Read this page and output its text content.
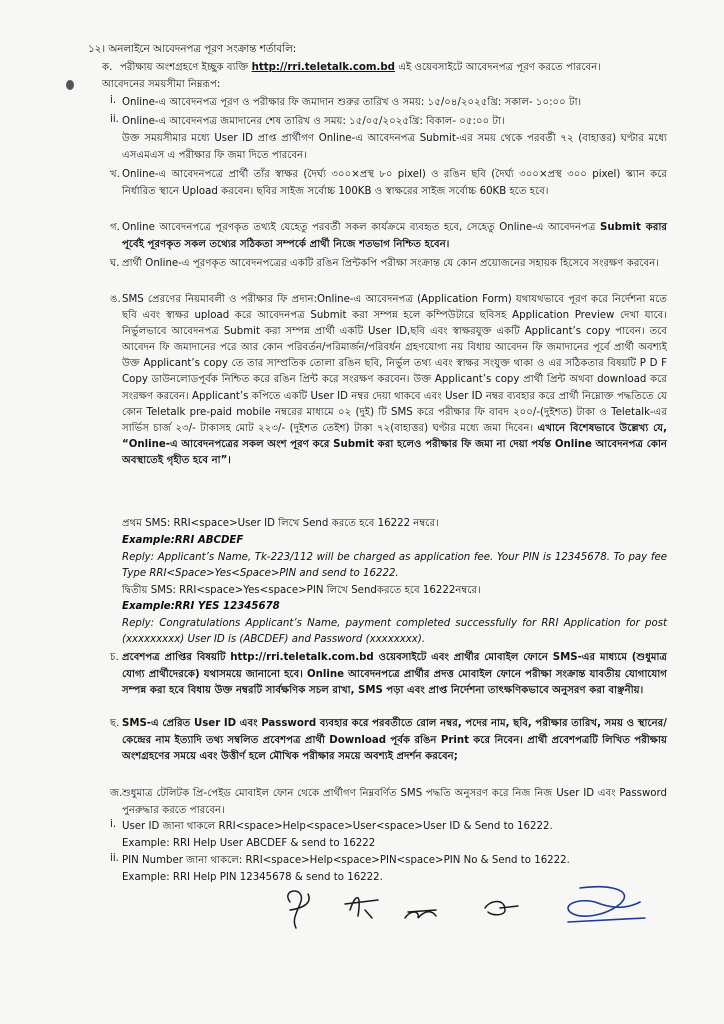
১২। অনলাইনে আবেদনপত্র পূরণ সংক্রান্ত শর্তাবলি:
ক. পরীক্ষায় অংশগ্রহণে ইচ্ছুক ব্যক্তি http://rri.teletalk.com.bd এই ওয়েবসাইটে আবেদনপত্র পূরণ করতে পারবেন।
আবেদনের সময়সীমা নিম্নরূপ:
i. Online-এ আবেদনপত্র পূরণ ও পরীক্ষার ফি জমাদান শুরুর তারিখ ও সময়: ১৫/০৪/২০২৫খ্রি: সকাল- ১০:০০ টা।
ii. Online-এ আবেদনপত্র জমাদানের শেষ তারিখ ও সময়: ১৫/০৫/২০২৫খ্রি: বিকাল- ০৫:০০ টা।
উক্ত সময়সীমার মধ্যে User ID প্রাপ্ত প্রার্থীগণ Online-এ আবেদনপত্র Submit-এর সময় থেকে পরবর্তী ৭২ (বাহাত্তর) ঘণ্টার মধ্যে এসএমএস এ পরীক্ষার ফি জমা দিতে পারবেন।
খ. Online-এ আবেদনপত্রে প্রার্থী তাঁর স্বাক্ষর (দৈর্ঘ্য ৩০০×প্রস্থ ৮০ pixel) ও রঙিন ছবি (দৈর্ঘ্য ৩০০×প্রস্থ ৩০০ pixel) স্ক্যান করে নির্ধারিত স্থানে Upload করবেন। ছবির সাইজ সর্বোচ্চ 100KB ও স্বাক্ষরের সাইজ সর্বোচ্চ 60KB হতে হবে।
গ. Online আবেদনপত্রে পূরণকৃত তথ্যই যেহেতু পরবর্তী সকল কার্যক্রমে ব্যবহৃত হবে, সেহেতু Online-এ আবেদনপত্র Submit করার পূর্বেই পূরণকৃত সকল তথ্যের সঠিকতা সম্পর্কে প্রার্থী নিজে শতভাগ নিশ্চিত হবেন।
ঘ. প্রার্থী Online-এ পূরণকৃত আবেদনপত্রের একটি রঙিন প্রিন্টকপি পরীক্ষা সংক্রান্ত যে কোন প্রয়োজনের সহায়ক হিসেবে সংরক্ষণ করবেন।
ঙ. SMS প্রেরণের নিয়মাবলী ও পরীক্ষার ফি প্রদান:Online-এ আবেদনপত্র (Application Form) যথাযথভাবে পূরণ করে নির্দেশনা মতে ছবি এবং স্বাক্ষর upload করে আবেদনপত্র Submit করা সম্পন্ন হলে কম্পিউটারে ছবিসহ Application Preview দেখা যাবে। নির্ভুলভাবে আবেদনপত্র Submit করা সম্পন্ন প্রার্থী একটি User ID,ছবি এবং স্বাক্ষরযুক্ত একটি Applicant’s copy পাবেন। তবে আবেদন ফি জমাদানের পরে আর কোন পরিবর্তন/পরিমার্জন/পরিবর্ধন গ্রহণযোগ্য নয় বিধায় আবেদন ফি জমাদানের পূর্বে প্রার্থী অবশ্যই উক্ত Applicant’s copy তে তার সাম্প্রতিক তোলা রঙিন ছবি, নির্ভুল তথ্য এবং স্বাক্ষর সংযুক্ত থাকা ও এর সঠিকতার বিষয়টি P D F Copy ডাউনলোডপূর্বক নিশ্চিত করে রঙিন প্রিন্ট করে সংরক্ষণ করবেন। উক্ত Applicant’s copy প্রার্থী প্রিন্ট অথবা download করে সংরক্ষণ করবেন। Applicant’s কপিতে একটি User ID নম্বর দেয়া থাকবে এবং User ID নম্বর ব্যবহার করে প্রার্থী নিম্নোক্ত পদ্ধতিতে যে কোন Teletalk pre-paid mobile নম্বরের মাধ্যমে ০২ (দুই) টি SMS করে পরীক্ষার ফি বাবদ ২০০/-(দুইশত) টাকা ও Teletalk-এর সার্ভিস চার্জ ২৩/- টাকাসহ মোট ২২৩/- (দুইশত তেইশ) টাকা ৭২(বাহাত্তর) ঘণ্টার মধ্যে জমা দিবেন। এখানে বিশেষভাবে উল্লেখ্য যে, “Online-এ আবেদনপত্রের সকল অংশ পূরণ করে Submit করা হলেও পরীক্ষার ফি জমা না দেয়া পর্যন্ত Online আবেদনপত্র কোন অবস্থাতেই গৃহীত হবে না”।
প্রথম SMS: RRI<space>User ID লিখে Send করতে হবে 16222 নম্বরে।
Example:RRI ABCDEF
Reply: Applicant’s Name, Tk-223/112 will be charged as application fee. Your PIN is 12345678. To pay fee Type RRI<Space>Yes<Space>PIN and send to 16222.
দ্বিতীয় SMS: RRI<space>Yes<space>PIN লিখে Sendকরতে হবে 16222নম্বরে।
Example:RRI YES 12345678
Reply: Congratulations Applicant’s Name, payment completed successfully for RRI Application for post (xxxxxxxxx) User ID is (ABCDEF) and Password (xxxxxxxx).
চ. প্রবেশপত্র প্রাপ্তির বিষয়টি http://rri.teletalk.com.bd ওয়েবসাইটে এবং প্রার্থীর মোবাইল ফোনে SMS-এর মাধ্যমে (শুধুমাত্র যোগ্য প্রার্থীদেরকে) যথাসময়ে জানানো হবে। Online আবেদনপত্রে প্রার্থীর প্রদত্ত মোবাইল ফোনে পরীক্ষা সংক্রান্ত যাবতীয় যোগাযোগ সম্পন্ন করা হবে বিধায় উক্ত নম্বরটি সার্বক্ষণিক সচল রাখা, SMS পড়া এবং প্রাপ্ত নির্দেশনা তাৎক্ষণিকভাবে অনুসরণ করা বাঞ্ছনীয়।
ছ. SMS-এ প্রেরিত User ID এবং Password ব্যবহার করে পরবর্তীতে রোল নম্বর, পদের নাম, ছবি, পরীক্ষার তারিখ, সময় ও স্থানের/কেন্দ্রের নাম ইত্যাদি তথ্য সম্বলিত প্রবেশপত্র প্রার্থী Download পূর্বক রঙিন Print করে নিবেন। প্রার্থী প্রবেশপত্রটি লিখিত পরীক্ষায় অংশগ্রহণের সময়ে এবং উত্তীর্ণ হলে মৌখিক পরীক্ষার সময়ে অবশ্যই প্রদর্শন করবেন;
জ. শুধুমাত্র টেলিটক প্রি-পেইড মোবাইল ফোন থেকে প্রার্থীগণ নিম্নবর্ণিত SMS পদ্ধতি অনুসরণ করে নিজ নিজ User ID এবং Password পুনরুদ্ধার করতে পারবেন।
i. User ID জানা থাকলে RRI<space>Help<space>User<space>User ID & Send to 16222.
Example: RRI Help User ABCDEF & send to 16222
ii. PIN Number জানা থাকলে: RRI<space>Help<space>PIN<space>PIN No & Send to 16222.
Example: RRI Help PIN 12345678 & send to 16222.
